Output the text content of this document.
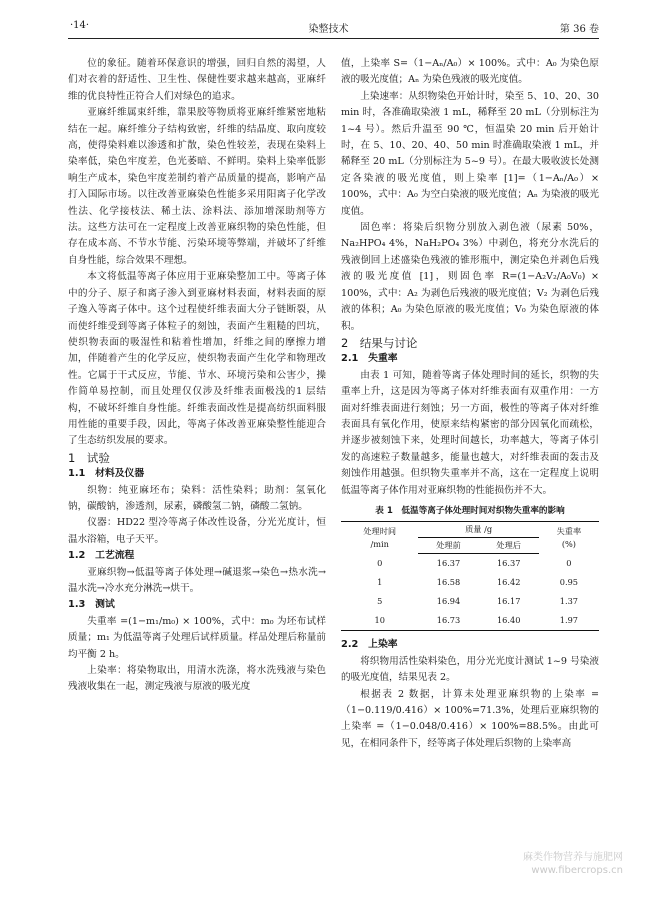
·14·	染整技术	第 36 卷

位的象征。随着环保意识的增强，回归自然的渴望，人们对衣着的舒适性、卫生性、保健性要求越来越高，亚麻纤维的优良特性正符合人们对绿色的追求。

亚麻纤维属束纤维，靠果胶等物质将亚麻纤维紧密地粘结在一起。麻纤维分子结构致密，纤维的结晶度、取向度较高，使得染料难以渗透和扩散，染色性较差，表现在染料上染率低，染色牢度差，色光萎暗、不鲜明。染料上染率低影响生产成本，染色牢度差制约着产品质量的提高，影响产品打入国际市场。以往改善亚麻染色性能多采用阳离子化学改性法、化学接枝法、稀土法、涂料法、添加增深助剂等方法。这些方法可在一定程度上改善亚麻织物的染色性能，但存在成本高、不节水节能、污染环境等弊端，并破坏了纤维自身性能，综合效果不理想。

本文将低温等离子体应用于亚麻染整加工中。等离子体中的分子、原子和离子渗入到亚麻材料表面，材料表面的原子逸入等离子体中。这个过程使纤维表面大分子链断裂，从而使纤维受到等离子体粒子的刻蚀，表面产生粗糙的凹坑，使织物表面的吸湿性和粘着性增加，纤维之间的摩擦力增加，伴随着产生的化学反应，使织物表面产生化学和物理改性。它属于干式反应，节能、节水、环境污染和公害少，操作简单易控制，而且处理仅仅涉及纤维表面极浅的1 层结构，不破坏纤维自身性能。纤维表面改性是提高纺织面料服用性能的重要手段，因此，等离子体改善亚麻染整性能迎合了生态纺织发展的要求。

1　试验

1.1　材料及仪器

织物：纯亚麻坯布；染料：活性染料；助剂：氢氧化钠，碳酸钠，渗透剂，尿素，磷酸氢二钠，磷酸二氢钠。

仪器：HD22 型冷等离子体改性设备，分光光度计，恒温水浴箱，电子天平。

1.2　工艺流程

亚麻织物→低温等离子体处理→碱退浆→染色→热水洗→温水洗→冷水充分淋洗→烘干。

1.3　测试

失重率 =(1−m₁/m₀) × 100%，式中：m₀ 为坯布试样质量；m₁ 为低温等离子处理后试样质量。样品处理后称量前均平衡 2 h。

上染率：将染物取出，用清水洗涤，将水洗残液与染色残液收集在一起，测定残液与原液的吸光度

值，上染率 S=（1−Aₙ/A₀）× 100%。式中：A₀ 为染色原液的吸光度值；Aₙ 为染色残液的吸光度值。

上染速率：从织物染色开始计时，染至 5、10、20、30 min 时，各准确取染液 1 mL，稀释至 20 mL（分别标注为 1~4 号）。然后升温至 90 ℃，恒温染 20 min 后开始计时，在 5、10、20、40、50 min 时准确取染液 1 mL，并稀释至 20 mL（分别标注为 5~9 号）。在最大吸收波长处测定各染液的吸光度值，则上染率 [1]=（1−Aₙ/A₀）× 100%，式中：A₀ 为空白染液的吸光度值；Aₙ 为染液的吸光度值。

固色率：将染后织物分别放入剥色液（尿素 50%，Na₂HPO₄ 4%，NaH₂PO₄ 3%）中剥色，将充分水洗后的残液倒回上述盛染色残液的锥形瓶中，测定染色并剥色后残液的吸光度值 [1]，则固色率 R=(1−A₂V₂/A₀V₀) × 100%，式中：A₂ 为剥色后残液的吸光度值；V₂ 为剥色后残液的体积；A₀ 为染色原液的吸光度值；V₀ 为染色原液的体积。

2　结果与讨论

2.1　失重率

由表 1 可知，随着等离子体处理时间的延长，织物的失重率上升，这是因为等离子体对纤维表面有双重作用：一方面对纤维表面进行刻蚀；另一方面，极性的等离子体对纤维表面具有氧化作用，使原来结构紧密的部分因氧化而疏松，并逐步被刻蚀下来，处理时间越长，功率越大，等离子体引发的高速粒子数量越多，能量也越大，对纤维表面的轰击及刻蚀作用越强。但织物失重率并不高，这在一定程度上说明低温等离子体作用对亚麻织物的性能损伤并不大。

表 1　低温等离子体处理时间对织物失重率的影响
处理时间
/min	质量 /g		失重率
(%)
	处理前	处理后	
0	16.37	16.37	0
1	16.58	16.42	0.95
5	16.94	16.17	1.37
10	16.73	16.40	1.97

2.2　上染率

将织物用活性染料染色，用分光光度计测试 1~9 号染液的吸光度值，结果见表 2。

根据表 2 数据，计算未处理亚麻织物的上染率 =（1−0.119/0.416）× 100%=71.3%，处理后亚麻织物的上染率 =（1−0.048/0.416）× 100%=88.5%。由此可见，在相同条件下，经等离子体处理后织物的上染率高

麻类作物营养与施肥网
www.fibercrops.cn
